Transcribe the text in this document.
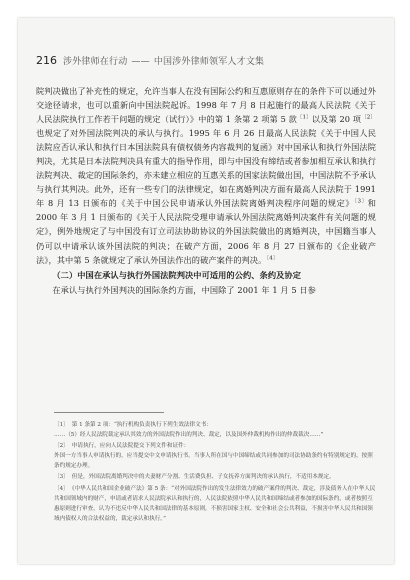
216 涉外律师在行动 —— 中国涉外律师领军人才文集

院判决做出了补充性的规定，允许当事人在没有国际公约和互惠原则存在的条件下可以通过外交途径请求，也可以重新向中国法院起诉。1998 年 7 月 8 日起施行的最高人民法院《关于人民法院执行工作若干问题的规定（试行）》中的第 1 条第 2 项第 5 款$^{〔1〕}$以及第 20 项$^{〔2〕}$也规定了对外国法院判决的承认与执行。1995 年 6 月 26 日最高人民法院《关于中国人民法院应否认承认和执行日本国法院具有债权债务内容裁判的复函》对中国承认和执行外国法院判决，尤其是日本法院判决具有重大的指导作用，即与中国没有缔结或者参加相互承认和执行法院判决、裁定的国际条约，亦未建立相应的互惠关系的国家法院做出国，中国法院不予承认与执行其判决。此外，还有一些专门的法律规定，如在离婚判决方面有最高人民法院于 1991 年 8 月 13 日颁布的《关于中国公民申请承认外国法院离婚判决程序问题的规定》$^{〔3〕}$和 2000 年 3 月 1 日颁布的《关于人民法院受理申请承认外国法院离婚判决案件有关问题的规定》，例外地规定了与中国没有订立司法协助协议的外国法院做出的离婚判决，中国籍当事人仍可以中请承认该外国法院的判决；在破产方面，2006 年 8 月 27 日颁布的《企业破产法》，其中第 5 条就规定了承认外国法作出的破产案件的判决。$^{〔4〕}$

（二）中国在承认与执行外国法院判决中可适用的公约、条约及协定

在承认与执行外国判决的国际条约方面，中国除了 2001 年 1 月 5 日参

〔1〕 第 1 条第 2 项：“执行机构负责执行下列生效法律文书：
……（5）经人民法院裁定承认其效力的外国法院作出的判决、裁定，以及国外仲裁机构作出的仲裁裁决……”
〔2〕 申请执行，应向人民法院提交下列文件和证件：
外国一方当事人申请执行的，应当提交中文申请执行书。当事人所在国与中国缔结或共同参加的司法协助条约有特别规定的，按照条约规定办理。
〔3〕 但是，外国法院离婚判决中的夫妻财产分割、生活费负担、子女抚养方面判决的承认执行，不适用本规定。
〔4〕 《中华人民共和国企业破产法》第 5 条：“对外国法院作出的发生法律效力的破产案件的判决、裁定，涉及债务人在中华人民共和国领域内的财产，申请或者请求人民法院承认和执行的，人民法院依照中华人民共和国缔结或者参加的国际条约，或者按照互惠原则进行审查，认为不违反中华人民共和国法律的基本原则，不损害国家主权、安全和社会公共利益，不损害中华人民共和国领域内债权人的合法权益的，裁定承认和执行。”
